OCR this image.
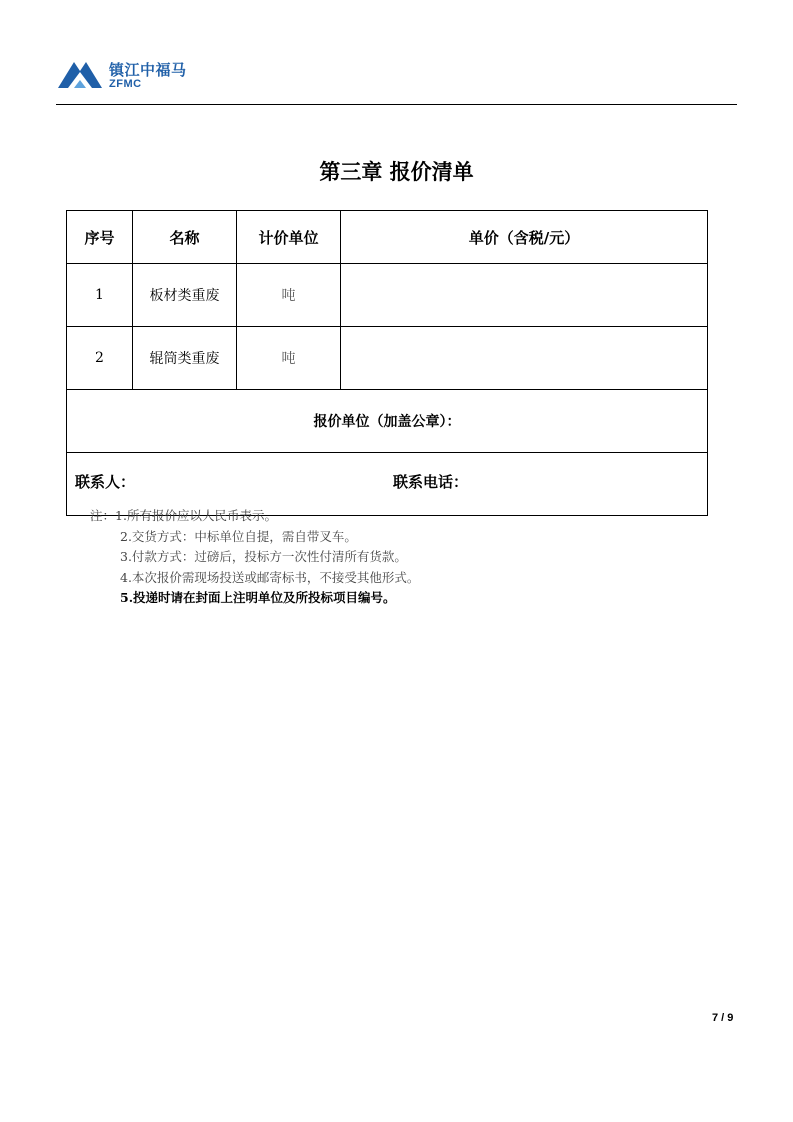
镇江中福马
ZFMC
第三章 报价清单
序号	名称	计价单位	单价（含税/元）
1	板材类重废	吨	
2	辊筒类重废	吨	
报价单位（加盖公章）：			

联系人： 联系电话：			
注：1.所有报价应以人民币表示。
2.交货方式：中标单位自提，需自带叉车。
3.付款方式：过磅后，投标方一次性付清所有货款。
4.本次报价需现场投送或邮寄标书，不接受其他形式。
5.投递时请在封面上注明单位及所投标项目编号。
7 / 9
